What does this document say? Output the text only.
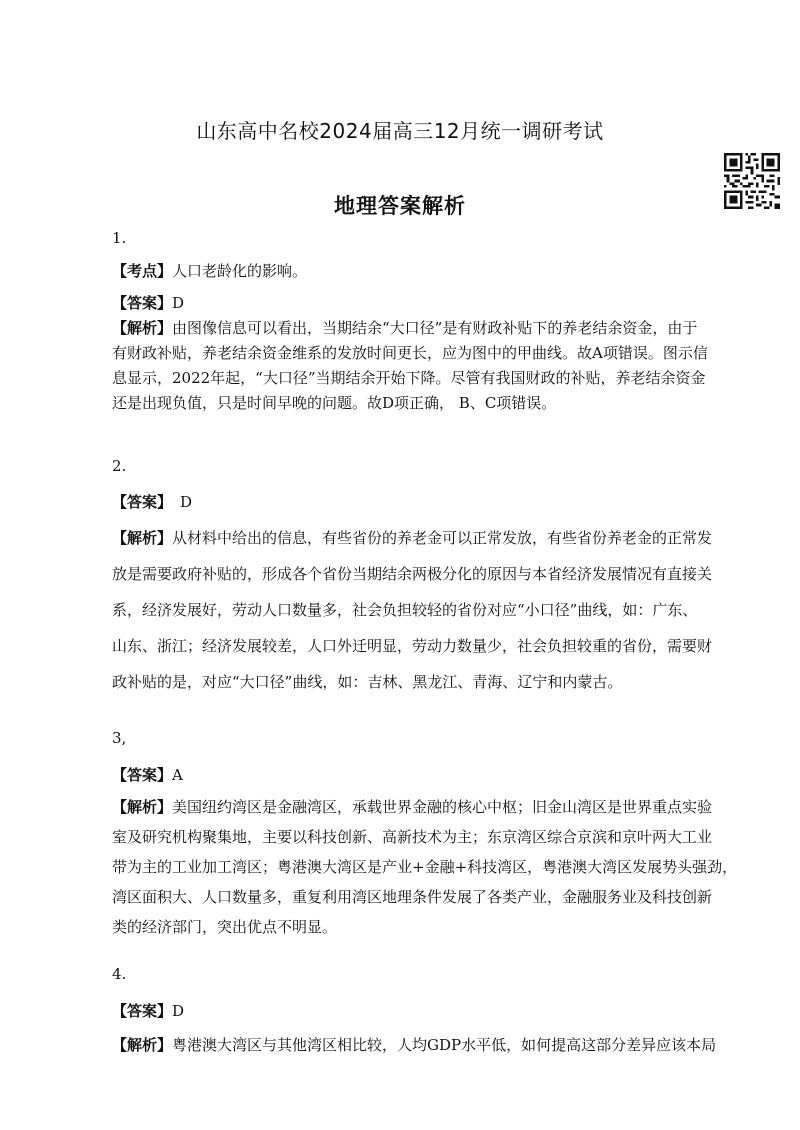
山东高中名校2024届高三12月统一调研考试
地理答案解析
1.
【考点】人口老龄化的影响。
【答案】D
【解析】由图像信息可以看出，当期结余“大口径”是有财政补贴下的养老结余资金，由于
有财政补贴，养老结余资金维系的发放时间更长，应为图中的甲曲线。故A项错误。图示信
息显示，2022年起，“大口径”当期结余开始下降。尽管有我国财政的补贴，养老结余资金
还是出现负值，只是时间早晚的问题。故D项正确， B、C项错误。
2.
【答案】 D
【解析】从材料中给出的信息，有些省份的养老金可以正常发放，有些省份养老金的正常发
放是需要政府补贴的，形成各个省份当期结余两极分化的原因与本省经济发展情况有直接关
系，经济发展好，劳动人口数量多，社会负担较轻的省份对应“小口径”曲线，如：广东、
山东、浙江；经济发展较差，人口外迁明显，劳动力数量少，社会负担较重的省份，需要财
政补贴的是，对应“大口径”曲线，如：吉林、黑龙江、青海、辽宁和内蒙古。
3,
【答案】A
【解析】美国纽约湾区是金融湾区，承载世界金融的核心中枢；旧金山湾区是世界重点实验
室及研究机构聚集地，主要以科技创新、高新技术为主；东京湾区综合京滨和京叶两大工业
带为主的工业加工湾区；粤港澳大湾区是产业+金融+科技湾区，粤港澳大湾区发展势头强劲，
湾区面积大、人口数量多，重复利用湾区地理条件发展了各类产业，金融服务业及科技创新
类的经济部门，突出优点不明显。
4.
【答案】D
【解析】粤港澳大湾区与其他湾区相比较，人均GDP水平低，如何提高这部分差异应该本局
